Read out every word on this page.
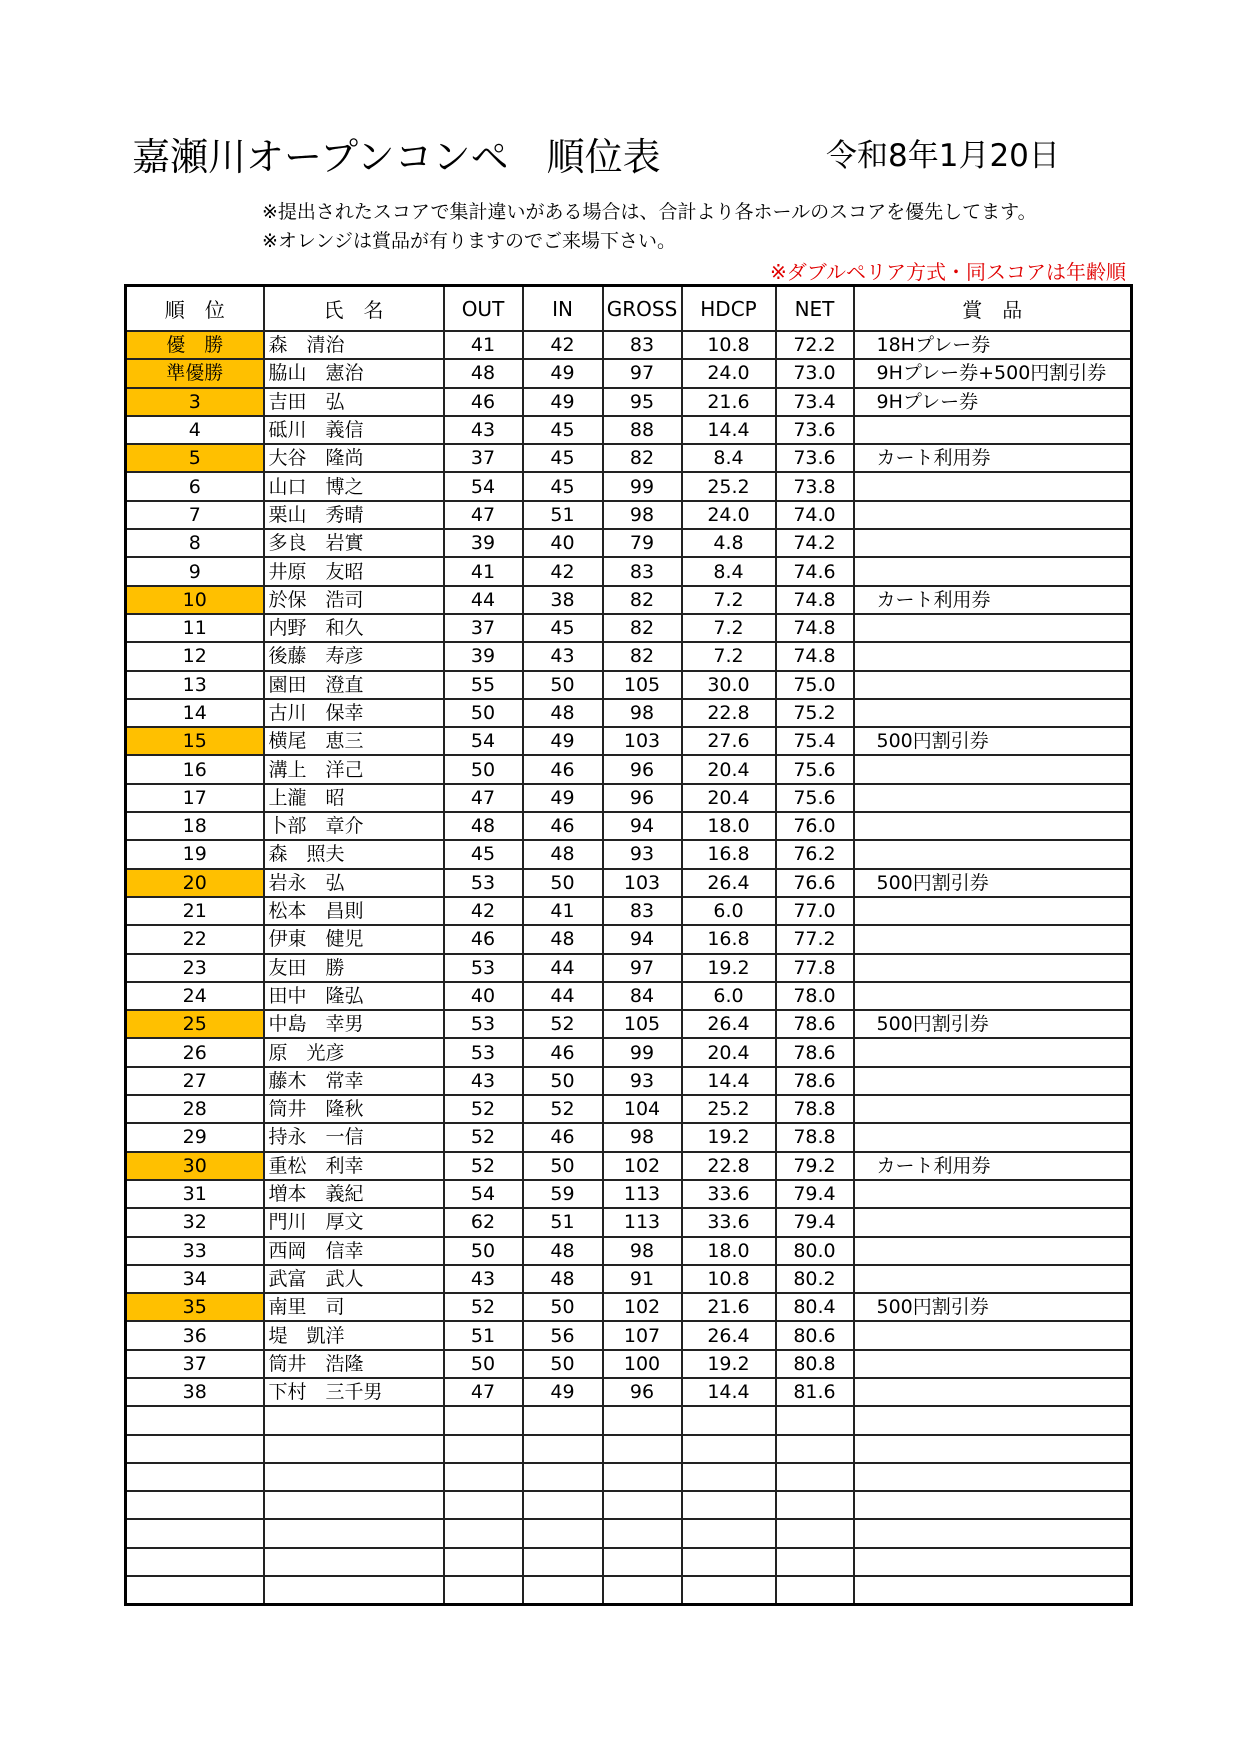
嘉瀬川オープンコンペ　順位表	令和8年1月20日
※提出されたスコアで集計違いがある場合は、合計より各ホールのスコアを優先してます。
※オレンジは賞品が有りますのでご来場下さい。
※ダブルペリア方式・同スコアは年齢順
順　位	氏　名	OUT	IN	GROSS	HDCP	NET	賞　品
優　勝	森　清治	41	42	83	10.8	72.2	18Hプレー券
準優勝	脇山　憲治	48	49	97	24.0	73.0	9Hプレー券+500円割引券
3	吉田　弘	46	49	95	21.6	73.4	9Hプレー券
4	砥川　義信	43	45	88	14.4	73.6	
5	大谷　隆尚	37	45	82	8.4	73.6	カート利用券
6	山口　博之	54	45	99	25.2	73.8	
7	栗山　秀晴	47	51	98	24.0	74.0	
8	多良　岩實	39	40	79	4.8	74.2	
9	井原　友昭	41	42	83	8.4	74.6	
10	於保　浩司	44	38	82	7.2	74.8	カート利用券
11	内野　和久	37	45	82	7.2	74.8	
12	後藤　寿彦	39	43	82	7.2	74.8	
13	園田　澄直	55	50	105	30.0	75.0	
14	古川　保幸	50	48	98	22.8	75.2	
15	横尾　恵三	54	49	103	27.6	75.4	500円割引券
16	溝上　洋己	50	46	96	20.4	75.6	
17	上瀧　昭	47	49	96	20.4	75.6	
18	卜部　章介	48	46	94	18.0	76.0	
19	森　照夫	45	48	93	16.8	76.2	
20	岩永　弘	53	50	103	26.4	76.6	500円割引券
21	松本　昌則	42	41	83	6.0	77.0	
22	伊東　健児	46	48	94	16.8	77.2	
23	友田　勝	53	44	97	19.2	77.8	
24	田中　隆弘	40	44	84	6.0	78.0	
25	中島　幸男	53	52	105	26.4	78.6	500円割引券
26	原　光彦	53	46	99	20.4	78.6	
27	藤木　常幸	43	50	93	14.4	78.6	
28	筒井　隆秋	52	52	104	25.2	78.8	
29	持永　一信	52	46	98	19.2	78.8	
30	重松　利幸	52	50	102	22.8	79.2	カート利用券
31	増本　義紀	54	59	113	33.6	79.4	
32	門川　厚文	62	51	113	33.6	79.4	
33	西岡　信幸	50	48	98	18.0	80.0	
34	武富　武人	43	48	91	10.8	80.2	
35	南里　司	52	50	102	21.6	80.4	500円割引券
36	堤　凱洋	51	56	107	26.4	80.6	
37	筒井　浩隆	50	50	100	19.2	80.8	
38	下村　三千男	47	49	96	14.4	81.6	
